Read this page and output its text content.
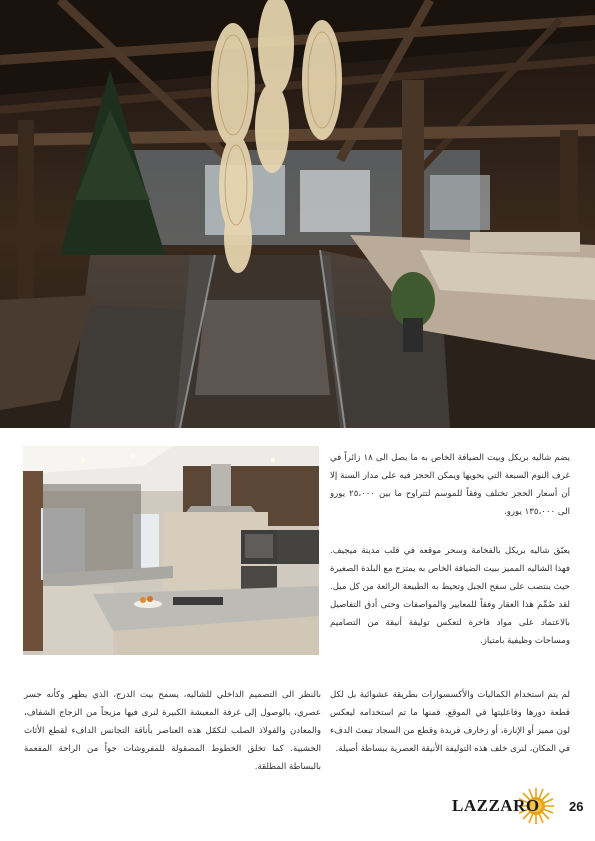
يضم شاليه بريكل وبيت الضيافة الخاص به ما يصل الى ١٨ زائراً في غرف النوم السبعة التي يحويها ويمكن الحجز فيه على مدار السنة إلا أن أسعار الحجز تختلف وفقاً للموسم لتتراوح ما بين ٢٥،٠٠٠ يورو الى ١٣٥،٠٠٠ يورو.

يعبّق شاليه بريكل بالفخامة وسحر موقعه في قلب مدينة ميجيف. فهذا الشاليه المميز ببيت الضيافة الخاص به يمتزج مع البلدة الصغيرة حيث ينتصب على سفح الجبل وتحيط به الطبيعة الرائعة من كل ميل. لقد صُمِّم هذا العقار وفقاً للمعايير والمواصفات وحتى أدق التفاصيل بالاعتماد على مواد فاخرة لتعكس توليفة أنيقة من التصاميم ومساحات وظيفية بامتياز.

لم يتم استخدام الكماليات والأكسسوارات بطريقة عشوائية بل لكل قطعة دورها وفاعليتها في الموقع. فمنها ما تم استخدامه ليعكس لون مميز أو الإنارة، أو زخارف فريدة وقطع من السجاد تبعث الدفء في المكان، لنرى خلف هذه التوليفة الأنيقة العصرية ببساطة أصيلة.

بالنظر الى التصميم الداخلي للشاليه، يسمح بيت الدرج، الذي يظهر وكأنه جسر عصري، بالوصول إلى غرفة المعيشة الكبيرة لنرى فيها مزيجاً من الزجاج الشفاف، والمعادن والفولاذ الصلب لتكمّل هذه العناصر بأناقة التجانس الدافء لقطع الأثاث الخشبية. كما تخلق الخطوط المصقولة للمفروشات جواً من الراحة المفعمة بالبساطة المطلقة.

LAZZARO 26
